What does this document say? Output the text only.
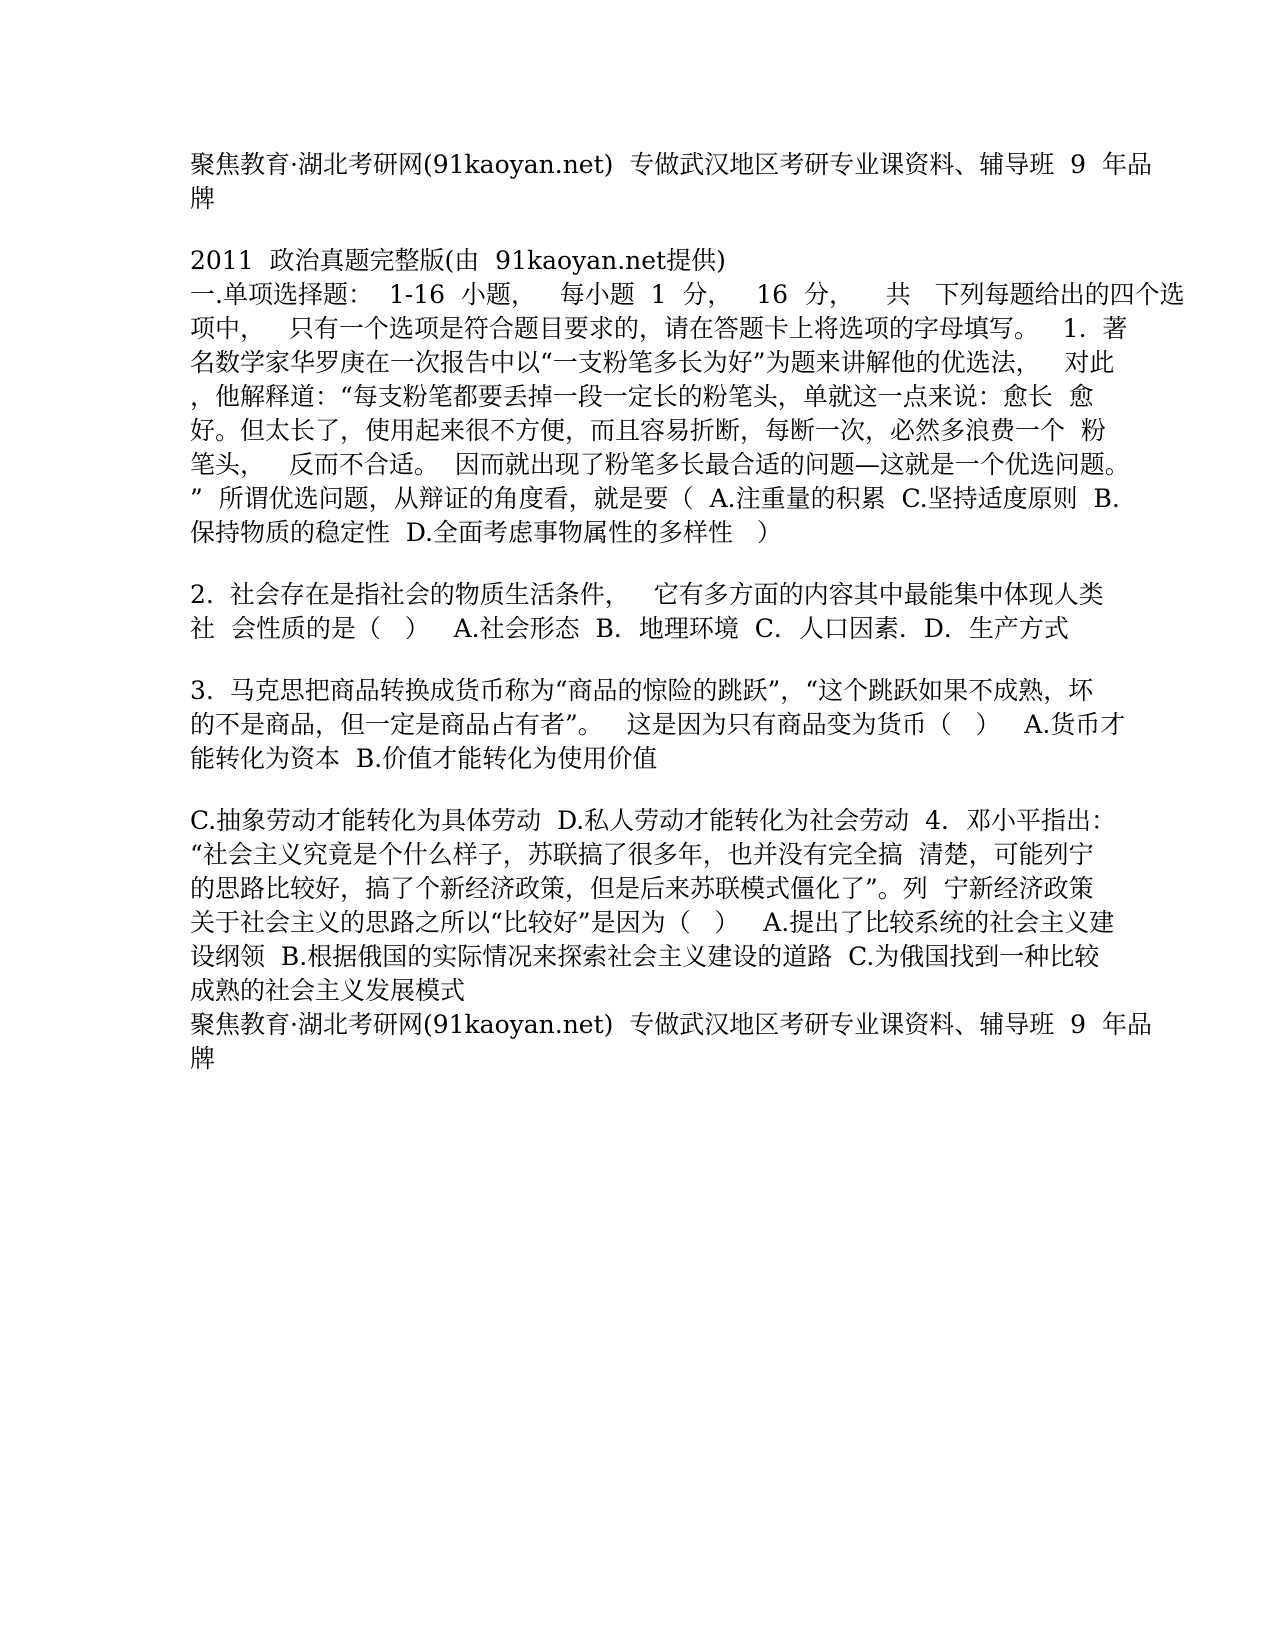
聚焦教育·湖北考研网(91kaoyan.net)  专做武汉地区考研专业课资料、辅导班  9  年品
牌
2011  政治真题完整版(由  91kaoyan.net提供)
一.单项选择题：  1-16  小题，   每小题  1  分，   16  分，    共   下列每题给出的四个选
项中，   只有一个选项是符合题目要求的，请在答题卡上将选项的字母填写。   1.  著
名数学家华罗庚在一次报告中以“一支粉笔多长为好”为题来讲解他的优选法，   对此
，他解释道：“每支粉笔都要丢掉一段一定长的粉笔头，单就这一点来说：愈长  愈
好。但太长了，使用起来很不方便，而且容易折断，每断一次，必然多浪费一个  粉
笔头，   反而不合适。  因而就出现了粉笔多长最合适的问题—这就是一个优选问题。
”  所谓优选问题，从辩证的角度看，就是要（  A.注重量的积累  C.坚持适度原则  B.
保持物质的稳定性  D.全面考虑事物属性的多样性   ）
2.  社会存在是指社会的物质生活条件，   它有多方面的内容其中最能集中体现人类
社  会性质的是（   ）   A.社会形态  B．地理环境  C．人口因素．D．生产方式
3.  马克思把商品转换成货币称为“商品的惊险的跳跃”，“这个跳跃如果不成熟，坏
的不是商品，但一定是商品占有者”。   这是因为只有商品变为货币（   ）   A.货币才
能转化为资本  B.价值才能转化为使用价值
C.抽象劳动才能转化为具体劳动  D.私人劳动才能转化为社会劳动  4．邓小平指出：
“社会主义究竟是个什么样子，苏联搞了很多年，也并没有完全搞  清楚，可能列宁
的思路比较好，搞了个新经济政策，但是后来苏联模式僵化了”。列  宁新经济政策
关于社会主义的思路之所以“比较好”是因为（   ）   A.提出了比较系统的社会主义建
设纲领  B.根据俄国的实际情况来探索社会主义建设的道路  C.为俄国找到一种比较
成熟的社会主义发展模式
聚焦教育·湖北考研网(91kaoyan.net)  专做武汉地区考研专业课资料、辅导班  9  年品
牌
